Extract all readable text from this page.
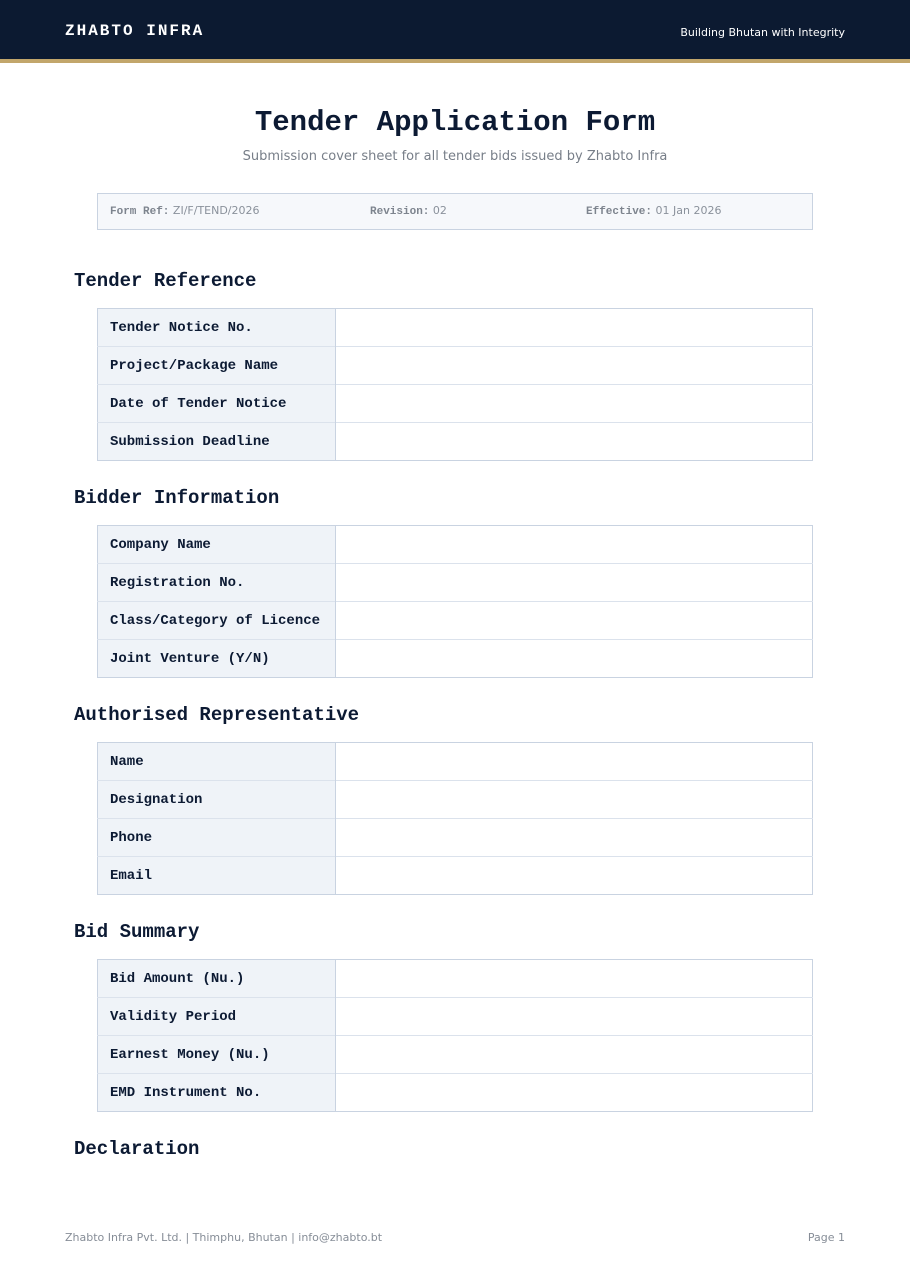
ZHABTO INFRA	Building Bhutan with Integrity
Tender Application Form
Submission cover sheet for all tender bids issued by Zhabto Infra
Form Ref: ZI/F/TEND/2026	Revision: 02	Effective: 01 Jan 2026
Tender Reference
Tender Notice No.	
Project/Package Name	
Date of Tender Notice	
Submission Deadline	
Bidder Information
Company Name	
Registration No.	
Class/Category of Licence	
Joint Venture (Y/N)	
Authorised Representative
Name	
Designation	
Phone	
Email	
Bid Summary
Bid Amount (Nu.)	
Validity Period	
Earnest Money (Nu.)	
EMD Instrument No.	
Declaration
Zhabto Infra Pvt. Ltd. | Thimphu, Bhutan | info@zhabto.bt	Page 1
